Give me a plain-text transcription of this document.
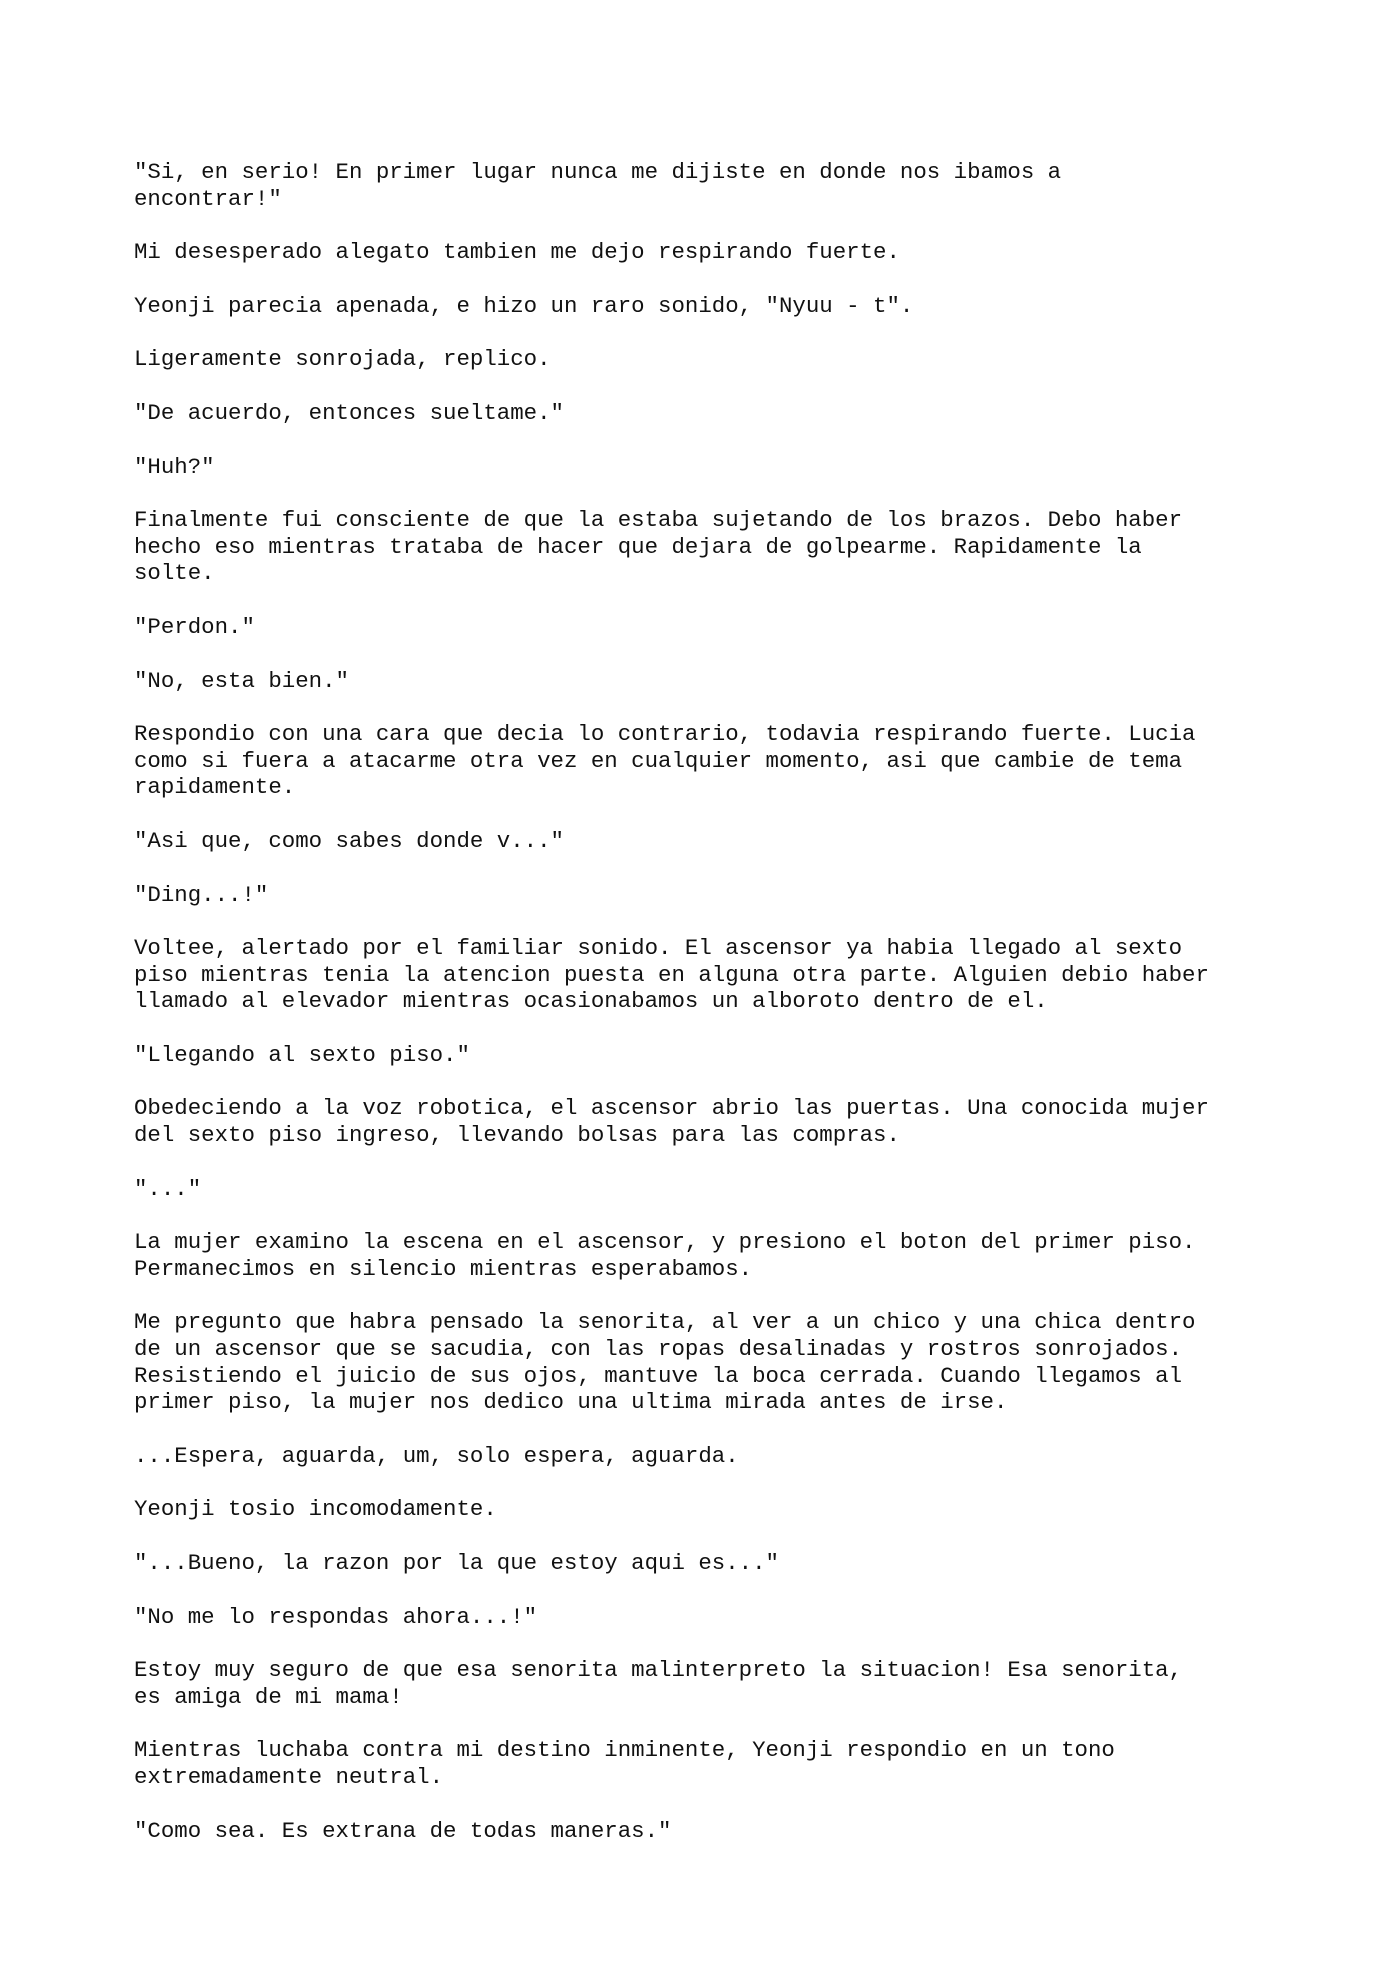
"Si, en serio! En primer lugar nunca me dijiste en donde nos ibamos a
encontrar!"

Mi desesperado alegato tambien me dejo respirando fuerte.

Yeonji parecia apenada, e hizo un raro sonido, "Nyuu - t".

Ligeramente sonrojada, replico.

"De acuerdo, entonces sueltame."

"Huh?"

Finalmente fui consciente de que la estaba sujetando de los brazos. Debo haber
hecho eso mientras trataba de hacer que dejara de golpearme. Rapidamente la
solte.

"Perdon."

"No, esta bien."

Respondio con una cara que decia lo contrario, todavia respirando fuerte. Lucia
como si fuera a atacarme otra vez en cualquier momento, asi que cambie de tema
rapidamente.

"Asi que, como sabes donde v..."

"Ding...!"

Voltee, alertado por el familiar sonido. El ascensor ya habia llegado al sexto
piso mientras tenia la atencion puesta en alguna otra parte. Alguien debio haber
llamado al elevador mientras ocasionabamos un alboroto dentro de el.

"Llegando al sexto piso."

Obedeciendo a la voz robotica, el ascensor abrio las puertas. Una conocida mujer
del sexto piso ingreso, llevando bolsas para las compras.

"..."

La mujer examino la escena en el ascensor, y presiono el boton del primer piso.
Permanecimos en silencio mientras esperabamos.

Me pregunto que habra pensado la senorita, al ver a un chico y una chica dentro
de un ascensor que se sacudia, con las ropas desalinadas y rostros sonrojados.
Resistiendo el juicio de sus ojos, mantuve la boca cerrada. Cuando llegamos al
primer piso, la mujer nos dedico una ultima mirada antes de irse.

...Espera, aguarda, um, solo espera, aguarda.

Yeonji tosio incomodamente.

"...Bueno, la razon por la que estoy aqui es..."

"No me lo respondas ahora...!"

Estoy muy seguro de que esa senorita malinterpreto la situacion! Esa senorita,
es amiga de mi mama!

Mientras luchaba contra mi destino inminente, Yeonji respondio en un tono
extremadamente neutral.

"Como sea. Es extrana de todas maneras."
